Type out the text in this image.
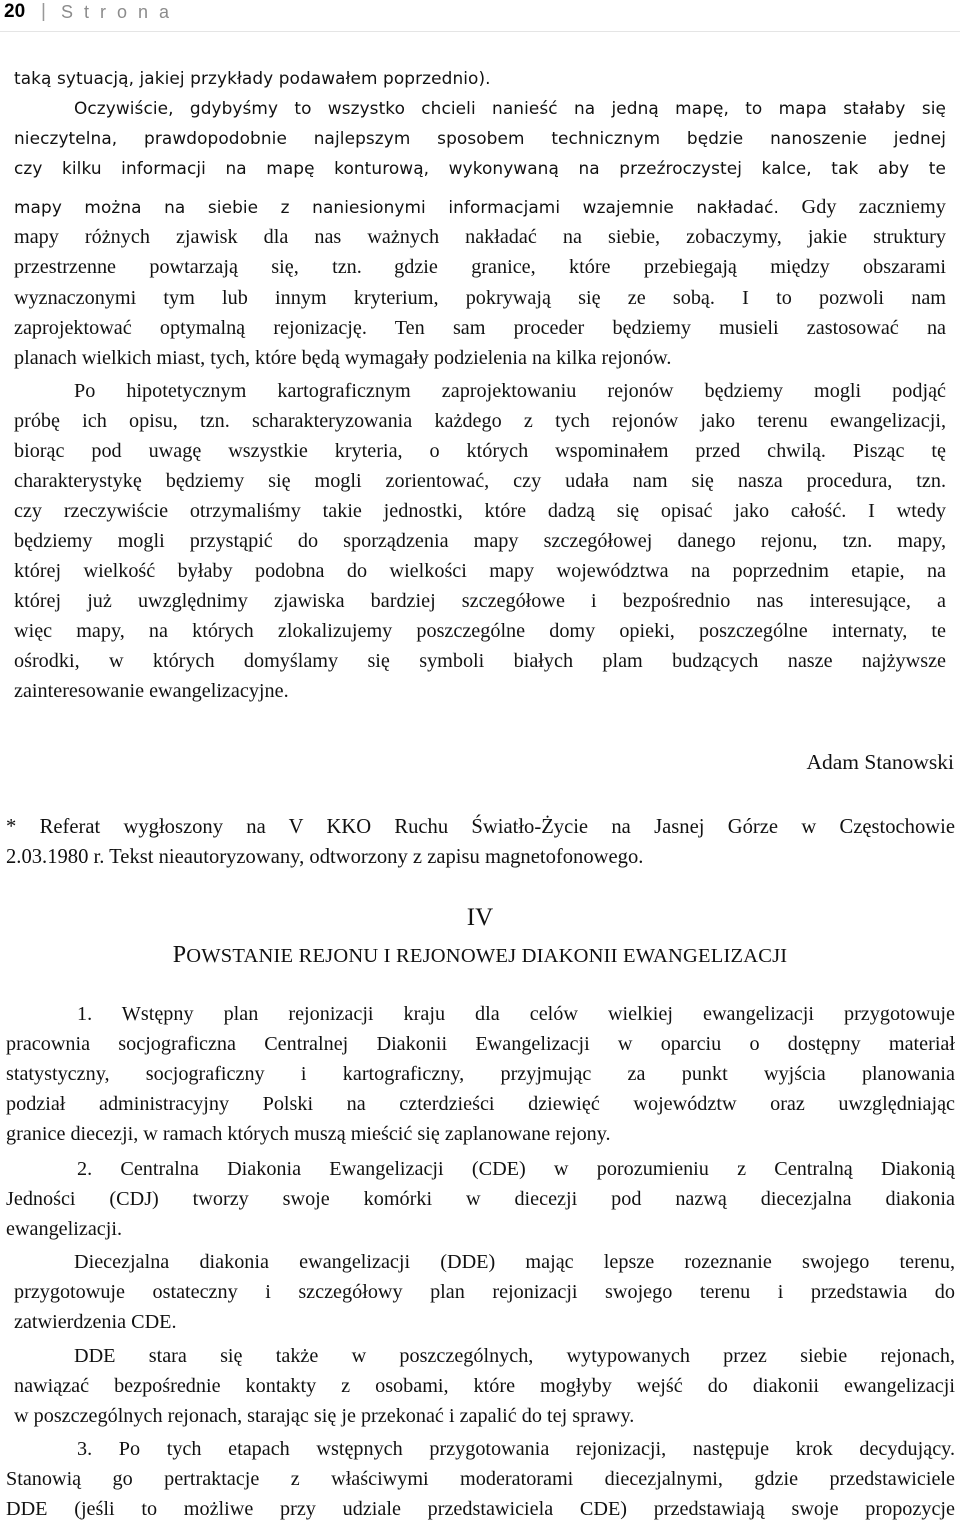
20 | S t r o n a
taką sytuacją, jakiej przykłady podawałem poprzednio).
Oczywiście, gdybyśmy to wszystko chcieli nanieść na jedną mapę, to mapa stałaby się
nieczytelna, prawdopodobnie najlepszym sposobem technicznym będzie nanoszenie jednej
czy kilku informacji na mapę konturową, wykonywaną na przeźroczystej kalce, tak aby te
mapy można na siebie z naniesionymi informacjami wzajemnie nakładać. Gdy zaczniemy
mapy różnych zjawisk dla nas ważnych nakładać na siebie, zobaczymy, jakie struktury
przestrzenne powtarzają się, tzn. gdzie granice, które przebiegają między obszarami
wyznaczonymi tym lub innym kryterium, pokrywają się ze sobą. I to pozwoli nam
zaprojektować optymalną rejonizację. Ten sam proceder będziemy musieli zastosować na
planach wielkich miast, tych, które będą wymagały podzielenia na kilka rejonów.
Po hipotetycznym kartograficznym zaprojektowaniu rejonów będziemy mogli podjąć
próbę ich opisu, tzn. scharakteryzowania każdego z tych rejonów jako terenu ewangelizacji,
biorąc pod uwagę wszystkie kryteria, o których wspominałem przed chwilą. Pisząc tę
charakterystykę będziemy się mogli zorientować, czy udała nam się nasza procedura, tzn.
czy rzeczywiście otrzymaliśmy takie jednostki, które dadzą się opisać jako całość. I wtedy
będziemy mogli przystąpić do sporządzenia mapy szczegółowej danego rejonu, tzn. mapy,
której wielkość byłaby podobna do wielkości mapy województwa na poprzednim etapie, na
której już uwzględnimy zjawiska bardziej szczegółowe i bezpośrednio nas interesujące, a
więc mapy, na których zlokalizujemy poszczególne domy opieki, poszczególne internaty, te
ośrodki, w których domyślamy się symboli białych plam budzących nasze najżywsze
zainteresowanie ewangelizacyjne.
Adam Stanowski
* Referat wygłoszony na V KKO Ruchu Światło-Życie na Jasnej Górze w Częstochowie
2.03.1980 r. Tekst nieautoryzowany, odtworzony z zapisu magnetofonowego.
IV
POWSTANIE REJONU I REJONOWEJ DIAKONII EWANGELIZACJI
1. Wstępny plan rejonizacji kraju dla celów wielkiej ewangelizacji przygotowuje
pracownia socjograficzna Centralnej Diakonii Ewangelizacji w oparciu o dostępny materiał
statystyczny, socjograficzny i kartograficzny, przyjmując za punkt wyjścia planowania
podział administracyjny Polski na czterdzieści dziewięć województw oraz uwzględniając
granice diecezji, w ramach których muszą mieścić się zaplanowane rejony.
2. Centralna Diakonia Ewangelizacji (CDE) w porozumieniu z Centralną Diakonią
Jedności (CDJ) tworzy swoje komórki w diecezji pod nazwą diecezjalna diakonia
ewangelizacji.
Diecezjalna diakonia ewangelizacji (DDE) mając lepsze rozeznanie swojego terenu,
przygotowuje ostateczny i szczegółowy plan rejonizacji swojego terenu i przedstawia do
zatwierdzenia CDE.
DDE stara się także w poszczególnych, wytypowanych przez siebie rejonach,
nawiązać bezpośrednie kontakty z osobami, które mogłyby wejść do diakonii ewangelizacji
w poszczególnych rejonach, starając się je przekonać i zapalić do tej sprawy.
3. Po tych etapach wstępnych przygotowania rejonizacji, następuje krok decydujący.
Stanowią go pertraktacje z właściwymi moderatorami diecezjalnymi, gdzie przedstawiciele
DDE (jeśli to możliwe przy udziale przedstawiciela CDE) przedstawiają swoje propozycje
